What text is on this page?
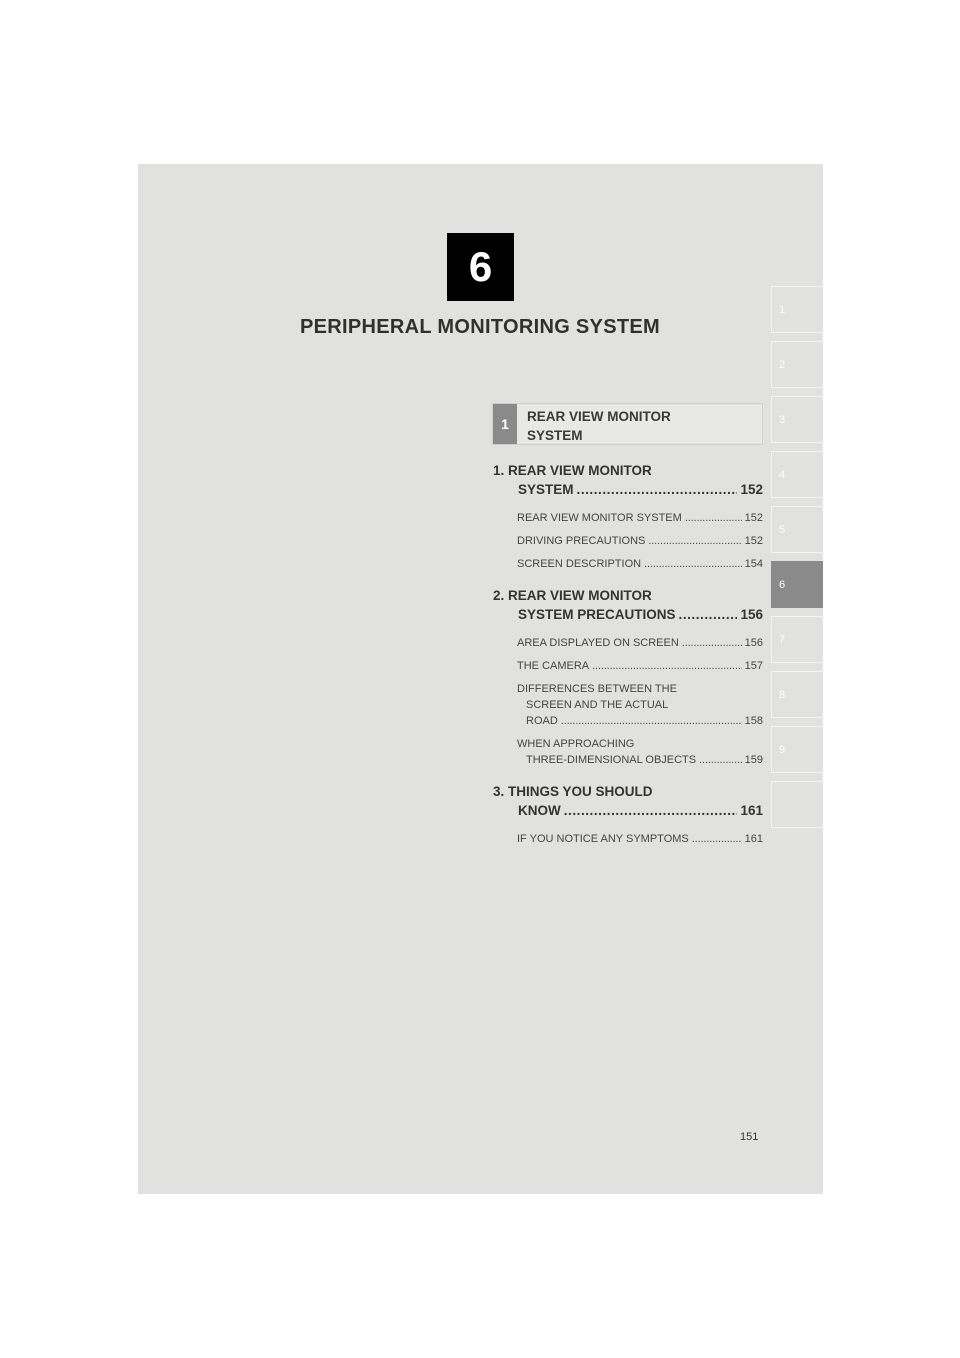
6
PERIPHERAL MONITORING SYSTEM
1
2
3
4
5
6
7
8
9
1	REAR VIEW MONITOR
SYSTEM
1. REAR VIEW MONITOR
SYSTEM . . .	152
REAR VIEW MONITOR SYSTEM . . .	152
DRIVING PRECAUTIONS . . .	152
SCREEN DESCRIPTION . . .	154
2. REAR VIEW MONITOR
SYSTEM PRECAUTIONS . . .	156
AREA DISPLAYED ON SCREEN . . .	156
THE CAMERA . . .	157
DIFFERENCES BETWEEN THE
SCREEN AND THE ACTUAL
ROAD . . .	158
WHEN APPROACHING
THREE-DIMENSIONAL OBJECTS . . .	159
3. THINGS YOU SHOULD
KNOW . . .	161
IF YOU NOTICE ANY SYMPTOMS . . .	161
151
